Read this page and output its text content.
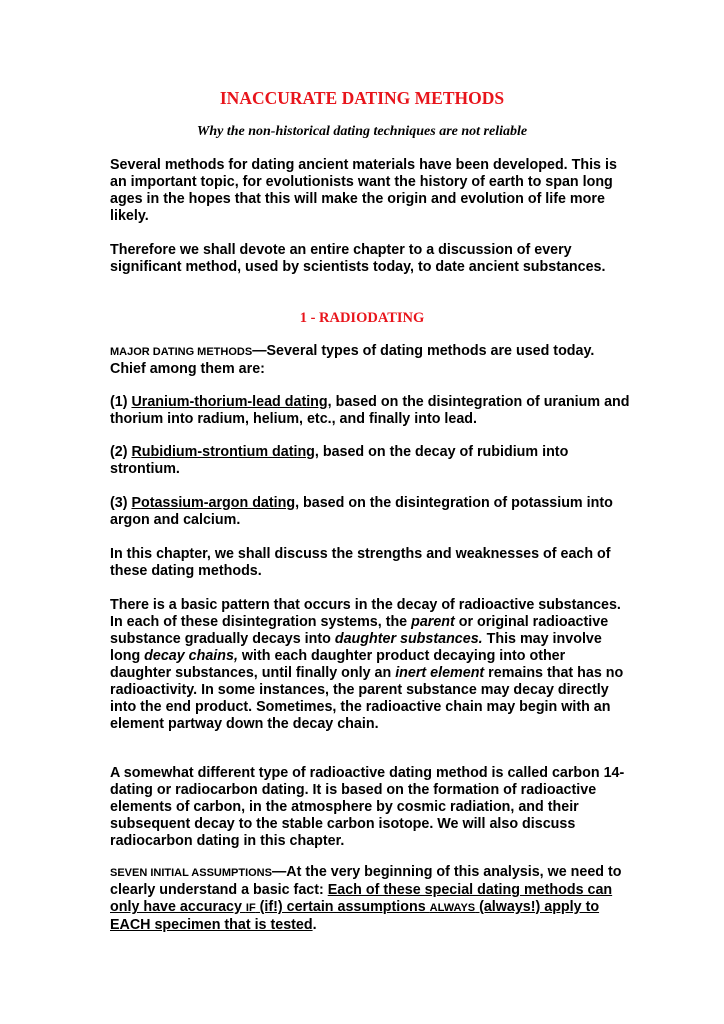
INACCURATE DATING METHODS
Why the non-historical dating techniques are not reliable

Several methods for dating ancient materials have been developed. This is an important topic, for evolutionists want the history of earth to span long ages in the hopes that this will make the origin and evolution of life more likely.

Therefore we shall devote an entire chapter to a discussion of every significant method, used by scientists today, to date ancient substances.

1 - RADIODATING

MAJOR DATING METHODS—Several types of dating methods are used today. Chief among them are:

(1) Uranium-thorium-lead dating, based on the disintegration of uranium and thorium into radium, helium, etc., and finally into lead.

(2) Rubidium-strontium dating, based on the decay of rubidium into strontium.

(3) Potassium-argon dating, based on the disintegration of potassium into argon and calcium.

In this chapter, we shall discuss the strengths and weaknesses of each of these dating methods.

There is a basic pattern that occurs in the decay of radioactive substances. In each of these disintegration systems, the parent or original radioactive substance gradually decays into daughter substances. This may involve long decay chains, with each daughter product decaying into other daughter substances, until finally only an inert element remains that has no radioactivity. In some instances, the parent substance may decay directly into the end product. Sometimes, the radioactive chain may begin with an element partway down the decay chain.

A somewhat different type of radioactive dating method is called carbon 14-dating or radiocarbon dating. It is based on the formation of radioactive elements of carbon, in the atmosphere by cosmic radiation, and their subsequent decay to the stable carbon isotope. We will also discuss radiocarbon dating in this chapter.

SEVEN INITIAL ASSUMPTIONS—At the very beginning of this analysis, we need to clearly understand a basic fact: Each of these special dating methods can only have accuracy IF (if!) certain assumptions ALWAYS (always!) apply to EACH specimen that is tested.
